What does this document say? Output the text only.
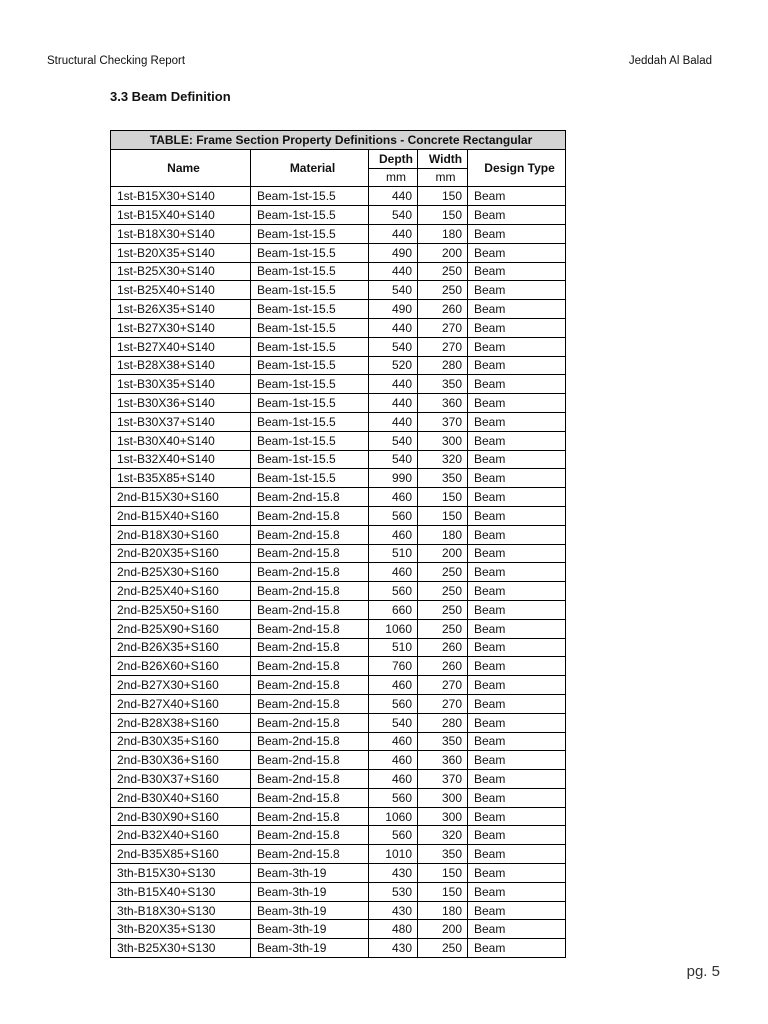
Structural Checking Report	Jeddah Al Balad
3.3 Beam Definition
TABLE: Frame Section Property Definitions - Concrete Rectangular				
Name	Material	Depth	Width	Design Type
		mm	mm	
1st-B15X30+S140	Beam-1st-15.5	440	150	Beam
1st-B15X40+S140	Beam-1st-15.5	540	150	Beam
1st-B18X30+S140	Beam-1st-15.5	440	180	Beam
1st-B20X35+S140	Beam-1st-15.5	490	200	Beam
1st-B25X30+S140	Beam-1st-15.5	440	250	Beam
1st-B25X40+S140	Beam-1st-15.5	540	250	Beam
1st-B26X35+S140	Beam-1st-15.5	490	260	Beam
1st-B27X30+S140	Beam-1st-15.5	440	270	Beam
1st-B27X40+S140	Beam-1st-15.5	540	270	Beam
1st-B28X38+S140	Beam-1st-15.5	520	280	Beam
1st-B30X35+S140	Beam-1st-15.5	440	350	Beam
1st-B30X36+S140	Beam-1st-15.5	440	360	Beam
1st-B30X37+S140	Beam-1st-15.5	440	370	Beam
1st-B30X40+S140	Beam-1st-15.5	540	300	Beam
1st-B32X40+S140	Beam-1st-15.5	540	320	Beam
1st-B35X85+S140	Beam-1st-15.5	990	350	Beam
2nd-B15X30+S160	Beam-2nd-15.8	460	150	Beam
2nd-B15X40+S160	Beam-2nd-15.8	560	150	Beam
2nd-B18X30+S160	Beam-2nd-15.8	460	180	Beam
2nd-B20X35+S160	Beam-2nd-15.8	510	200	Beam
2nd-B25X30+S160	Beam-2nd-15.8	460	250	Beam
2nd-B25X40+S160	Beam-2nd-15.8	560	250	Beam
2nd-B25X50+S160	Beam-2nd-15.8	660	250	Beam
2nd-B25X90+S160	Beam-2nd-15.8	1060	250	Beam
2nd-B26X35+S160	Beam-2nd-15.8	510	260	Beam
2nd-B26X60+S160	Beam-2nd-15.8	760	260	Beam
2nd-B27X30+S160	Beam-2nd-15.8	460	270	Beam
2nd-B27X40+S160	Beam-2nd-15.8	560	270	Beam
2nd-B28X38+S160	Beam-2nd-15.8	540	280	Beam
2nd-B30X35+S160	Beam-2nd-15.8	460	350	Beam
2nd-B30X36+S160	Beam-2nd-15.8	460	360	Beam
2nd-B30X37+S160	Beam-2nd-15.8	460	370	Beam
2nd-B30X40+S160	Beam-2nd-15.8	560	300	Beam
2nd-B30X90+S160	Beam-2nd-15.8	1060	300	Beam
2nd-B32X40+S160	Beam-2nd-15.8	560	320	Beam
2nd-B35X85+S160	Beam-2nd-15.8	1010	350	Beam
3th-B15X30+S130	Beam-3th-19	430	150	Beam
3th-B15X40+S130	Beam-3th-19	530	150	Beam
3th-B18X30+S130	Beam-3th-19	430	180	Beam
3th-B20X35+S130	Beam-3th-19	480	200	Beam
3th-B25X30+S130	Beam-3th-19	430	250	Beam
pg. 5
